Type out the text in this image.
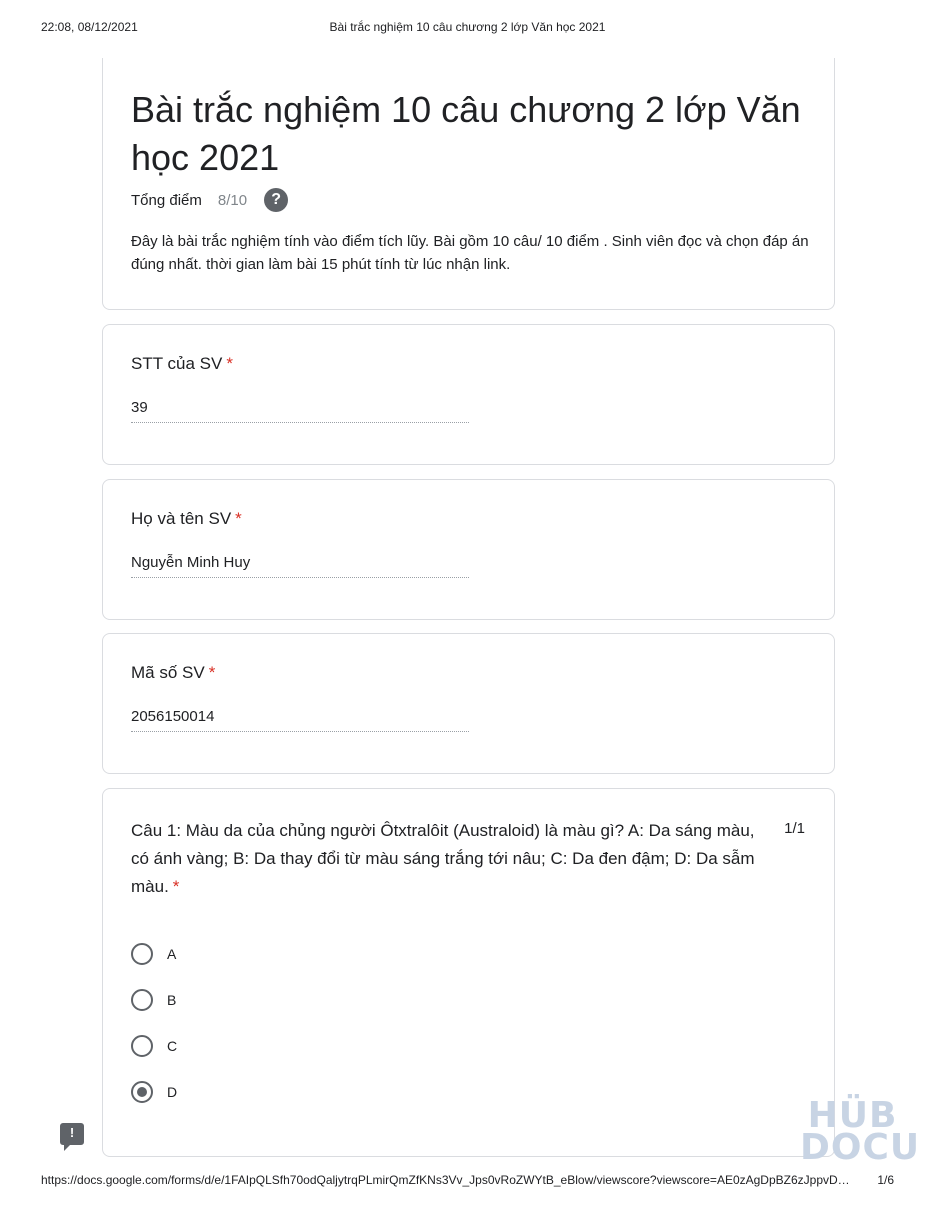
22:08, 08/12/2021	Bài trắc nghiệm 10 câu chương 2 lớp Văn học 2021
Bài trắc nghiệm 10 câu chương 2 lớp Văn học 2021
Tổng điểm 8/10	?
Đây là bài trắc nghiệm tính vào điểm tích lũy. Bài gồm 10 câu/ 10 điểm . Sinh viên đọc và chọn đáp án đúng nhất. thời gian làm bài 15 phút tính từ lúc nhận link.
STT của SV *
39
Họ và tên SV *
Nguyễn Minh Huy
Mã số SV *
2056150014
Câu 1: Màu da của chủng người Ôtxtralôit (Australoid) là màu gì? A: Da sáng màu, có ánh vàng; B: Da thay đổi từ màu sáng trắng tới nâu; C: Da đen đậm; D: Da sẫm màu. *
1/1
A
B
C
D
!	HÜB
DOCU
https://docs.google.com/forms/d/e/1FAIpQLSfh70odQaljytrqPLmirQmZfKNs3Vv_Jps0vRoZWYtB_eBlow/viewscore?viewscore=AE0zAgDpBZ6zJppvD…	1/6
